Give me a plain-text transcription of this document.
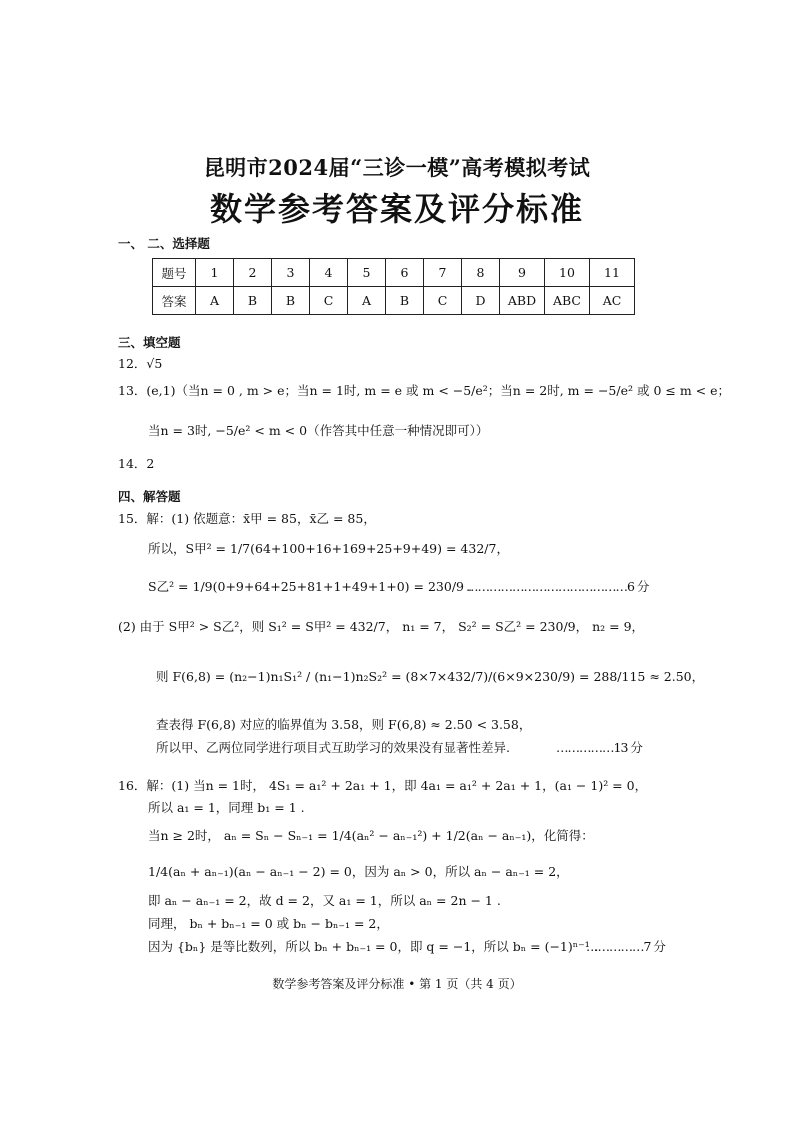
昆明市2024届“三诊一模”高考模拟考试
数学参考答案及评分标准
一、 二、选择题
题号	1	2	3	4	5	6	7	8	9	10	11
答案	A	B	B	C	A	B	C	D	ABD	ABC	AC
三、填空题
12．√5
13．(e,1)（当n = 0 , m > e；当n = 1时, m = e 或 m < −5/e²；当n = 2时, m = −5/e² 或 0 ≤ m < e；
当n = 3时, −5/e² < m < 0（作答其中任意一种情况即可））
14．2
四、解答题
15．解：(1) 依题意：x̄甲 = 85，x̄乙 = 85，
所以，S甲² = 1/7(64+100+16+169+25+9+49) = 432/7，
S乙² = 1/9(0+9+64+25+81+1+49+1+0) = 230/9 .
……………………………………6 分
(2) 由于 S甲² > S乙²，则 S₁² = S甲² = 432/7， n₁ = 7， S₂² = S乙² = 230/9， n₂ = 9，
则 F(6,8) = (n₂−1)n₁S₁² / (n₁−1)n₂S₂² = (8×7×432/7)/(6×9×230/9) = 288/115 ≈ 2.50，
查表得 F(6,8) 对应的临界值为 3.58，则 F(6,8) ≈ 2.50 < 3.58，
所以甲、乙两位同学进行项目式互助学习的效果没有显著性差异.	……………13 分
16．解：(1) 当n = 1时， 4S₁ = a₁² + 2a₁ + 1，即 4a₁ = a₁² + 2a₁ + 1，(a₁ − 1)² = 0，
所以 a₁ = 1，同理 b₁ = 1 .
当n ≥ 2时， aₙ = Sₙ − Sₙ₋₁ = 1/4(aₙ² − aₙ₋₁²) + 1/2(aₙ − aₙ₋₁)，化简得：
1/4(aₙ + aₙ₋₁)(aₙ − aₙ₋₁ − 2) = 0，因为 aₙ > 0，所以 aₙ − aₙ₋₁ = 2，
即 aₙ − aₙ₋₁ = 2，故 d = 2，又 a₁ = 1，所以 aₙ = 2n − 1 .
同理， bₙ + bₙ₋₁ = 0 或 bₙ − bₙ₋₁ = 2，
因为 {bₙ} 是等比数列，所以 bₙ + bₙ₋₁ = 0，即 q = −1，所以 bₙ = (−1)ⁿ⁻¹ .
……………7 分
数学参考答案及评分标准 • 第 1 页（共 4 页）
